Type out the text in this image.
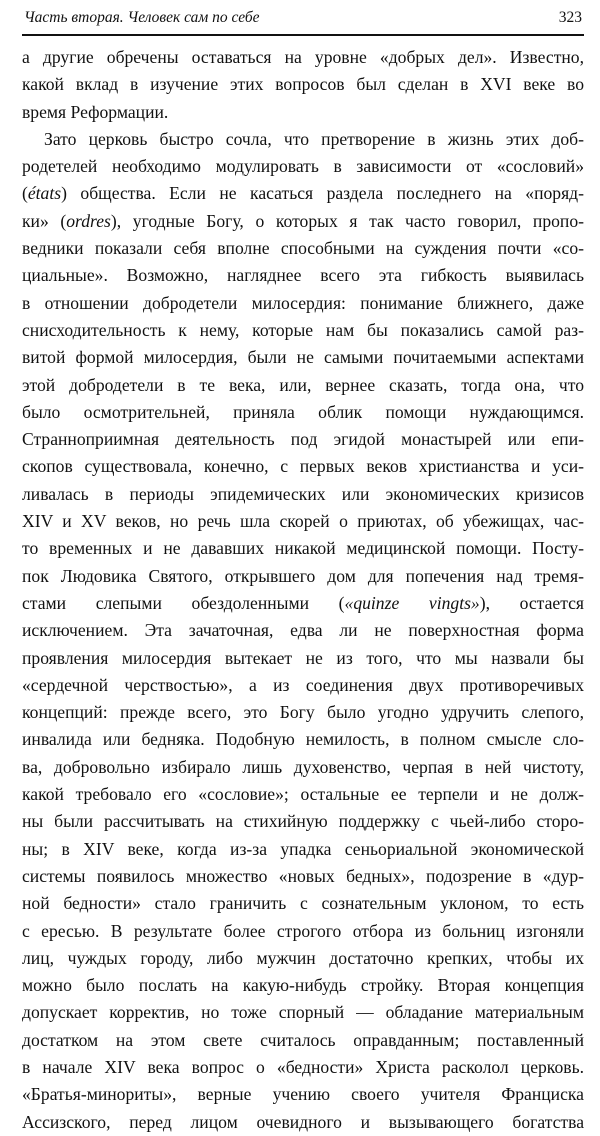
Часть вторая. Человек сам по себе	323
а другие обречены оставаться на уровне «добрых дел». Известно,
какой вклад в изучение этих вопросов был сделан в XVI веке во
время Реформации.
Зато церковь быстро сочла, что претворение в жизнь этих доб-
родетелей необходимо модулировать в зависимости от «сословий»
(états) общества. Если не касаться раздела последнего на «поряд-
ки» (ordres), угодные Богу, о которых я так часто говорил, пропо-
ведники показали себя вполне способными на суждения почти «со-
циальные». Возможно, нагляднее всего эта гибкость выявилась
в отношении добродетели милосердия: понимание ближнего, даже
снисходительность к нему, которые нам бы показались самой раз-
витой формой милосердия, были не самыми почитаемыми аспектами
этой добродетели в те века, или, вернее сказать, тогда она, что
было осмотрительней, приняла облик помощи нуждающимся.
Странноприимная деятельность под эгидой монастырей или епи-
скопов существовала, конечно, с первых веков христианства и уси-
ливалась в периоды эпидемических или экономических кризисов
XIV и XV веков, но речь шла скорей о приютах, об убежищах, час-
то временных и не дававших никакой медицинской помощи. Посту-
пок Людовика Святого, открывшего дом для попечения над тремя-
стами слепыми обездоленными («quinze vingts»), остается
исключением. Эта зачаточная, едва ли не поверхностная форма
проявления милосердия вытекает не из того, что мы назвали бы
«сердечной черствостью», а из соединения двух противоречивых
концепций: прежде всего, это Богу было угодно удручить слепого,
инвалида или бедняка. Подобную немилость, в полном смысле сло-
ва, добровольно избирало лишь духовенство, черпая в ней чистоту,
какой требовало его «сословие»; остальные ее терпели и не долж-
ны были рассчитывать на стихийную поддержку с чьей-либо сторо-
ны; в XIV веке, когда из-за упадка сеньориальной экономической
системы появилось множество «новых бедных», подозрение в «дур-
ной бедности» стало граничить с сознательным уклоном, то есть
с ересью. В результате более строгого отбора из больниц изгоняли
лиц, чуждых городу, либо мужчин достаточно крепких, чтобы их
можно было послать на какую-нибудь стройку. Вторая концепция
допускает корректив, но тоже спорный — обладание материальным
достатком на этом свете считалось оправданным; поставленный
в начале XIV века вопрос о «бедности» Христа расколол церковь.
«Братья-минориты», верные учению своего учителя Франциска
Ассизского, перед лицом очевидного и вызывающего богатства
